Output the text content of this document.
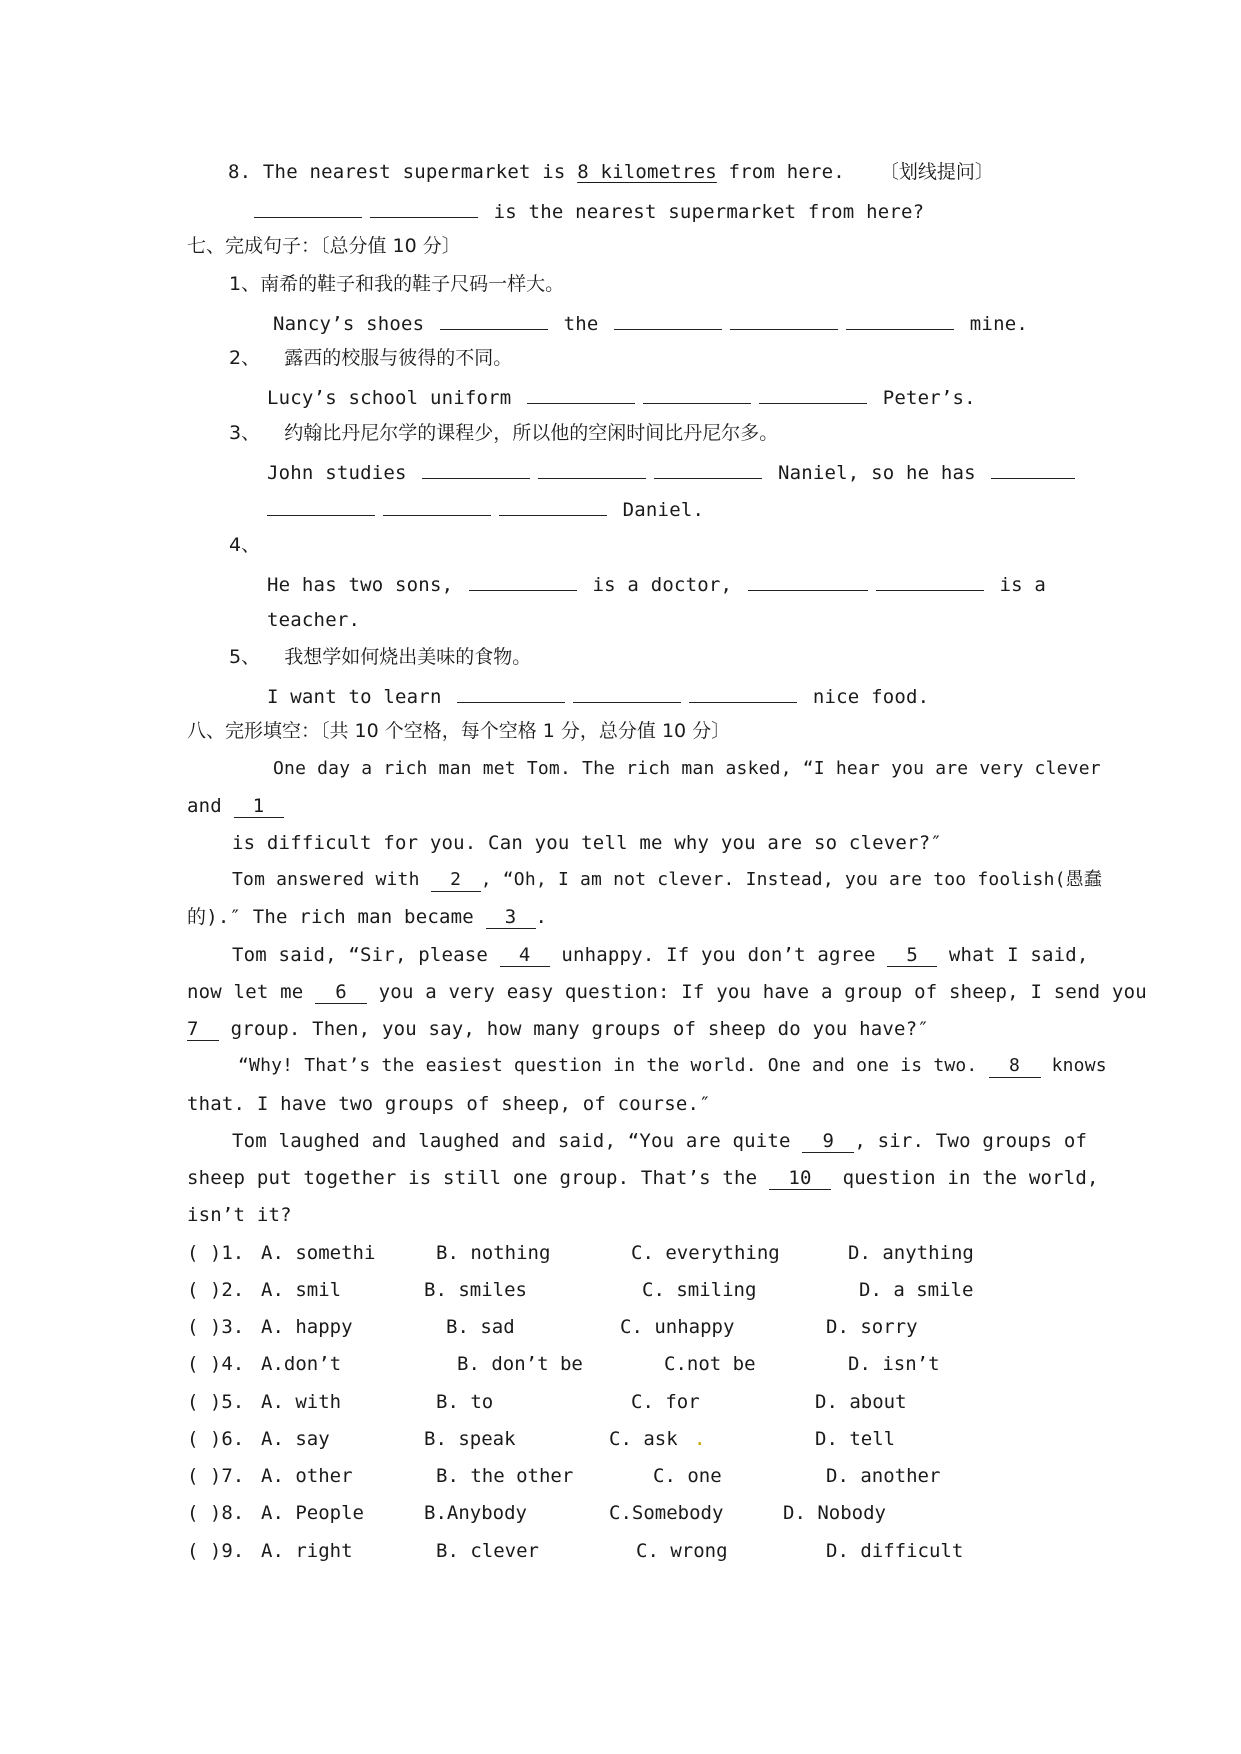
8. The nearest supermarket is 8 kilometres from here. 〔划线提问〕
is the nearest supermarket from here?
七、完成句子：〔总分值 10 分〕
1、南希的鞋子和我的鞋子尺码一样大。
Nancy’s shoes	the	mine.
2、 露西的校服与彼得的不同。
Lucy’s school uniform	Peter’s.
3、 约翰比丹尼尔学的课程少，所以他的空闲时间比丹尼尔多。
John studies	Naniel, so he has
Daniel.
4、
He has two sons,	is a doctor,	is a
teacher.
5、 我想学如何烧出美味的食物。
I want to learn	nice food.
八、完形填空：〔共 10 个空格，每个空格 1 分，总分值 10 分〕
One day a rich man met Tom. The rich man asked, “I hear you are very clever
and 1
is difficult for you. Can you tell me why you are so clever?″
Tom answered with 2 , “Oh, I am not clever. Instead, you are too foolish(愚蠢
的).″ The rich man became 3 .
Tom said, “Sir, please 4 unhappy. If you don’t agree 5 what I said,
now let me 6 you a very easy question: If you have a group of sheep, I send you
7 group. Then, you say, how many groups of sheep do you have?″
“Why! That’s the easiest question in the world. One and one is two. 8 knows
that. I have two groups of sheep, of course.″
Tom laughed and laughed and said, “You are quite 9 , sir. Two groups of
sheep put together is still one group. That’s the 10 question in the world,
isn’t it?
( )1. A. somethi	B. nothing	C. everything	D. anything
( )2. A. smil	B. smiles	C. smiling	D. a smile
( )3. A. happy	B. sad	C. unhappy	D. sorry
( )4. A.don’t	B. don’t be	C.not be	D. isn’t
( )5. A. with	B. to	C. for	D. about
( )6. A. say	B. speak	C. ask .	D. tell
( )7. A. other	B. the other	C. one	D. another
( )8. A. People	B.Anybody	C.Somebody	D. Nobody
( )9. A. right	B. clever	C. wrong	D. difficult
